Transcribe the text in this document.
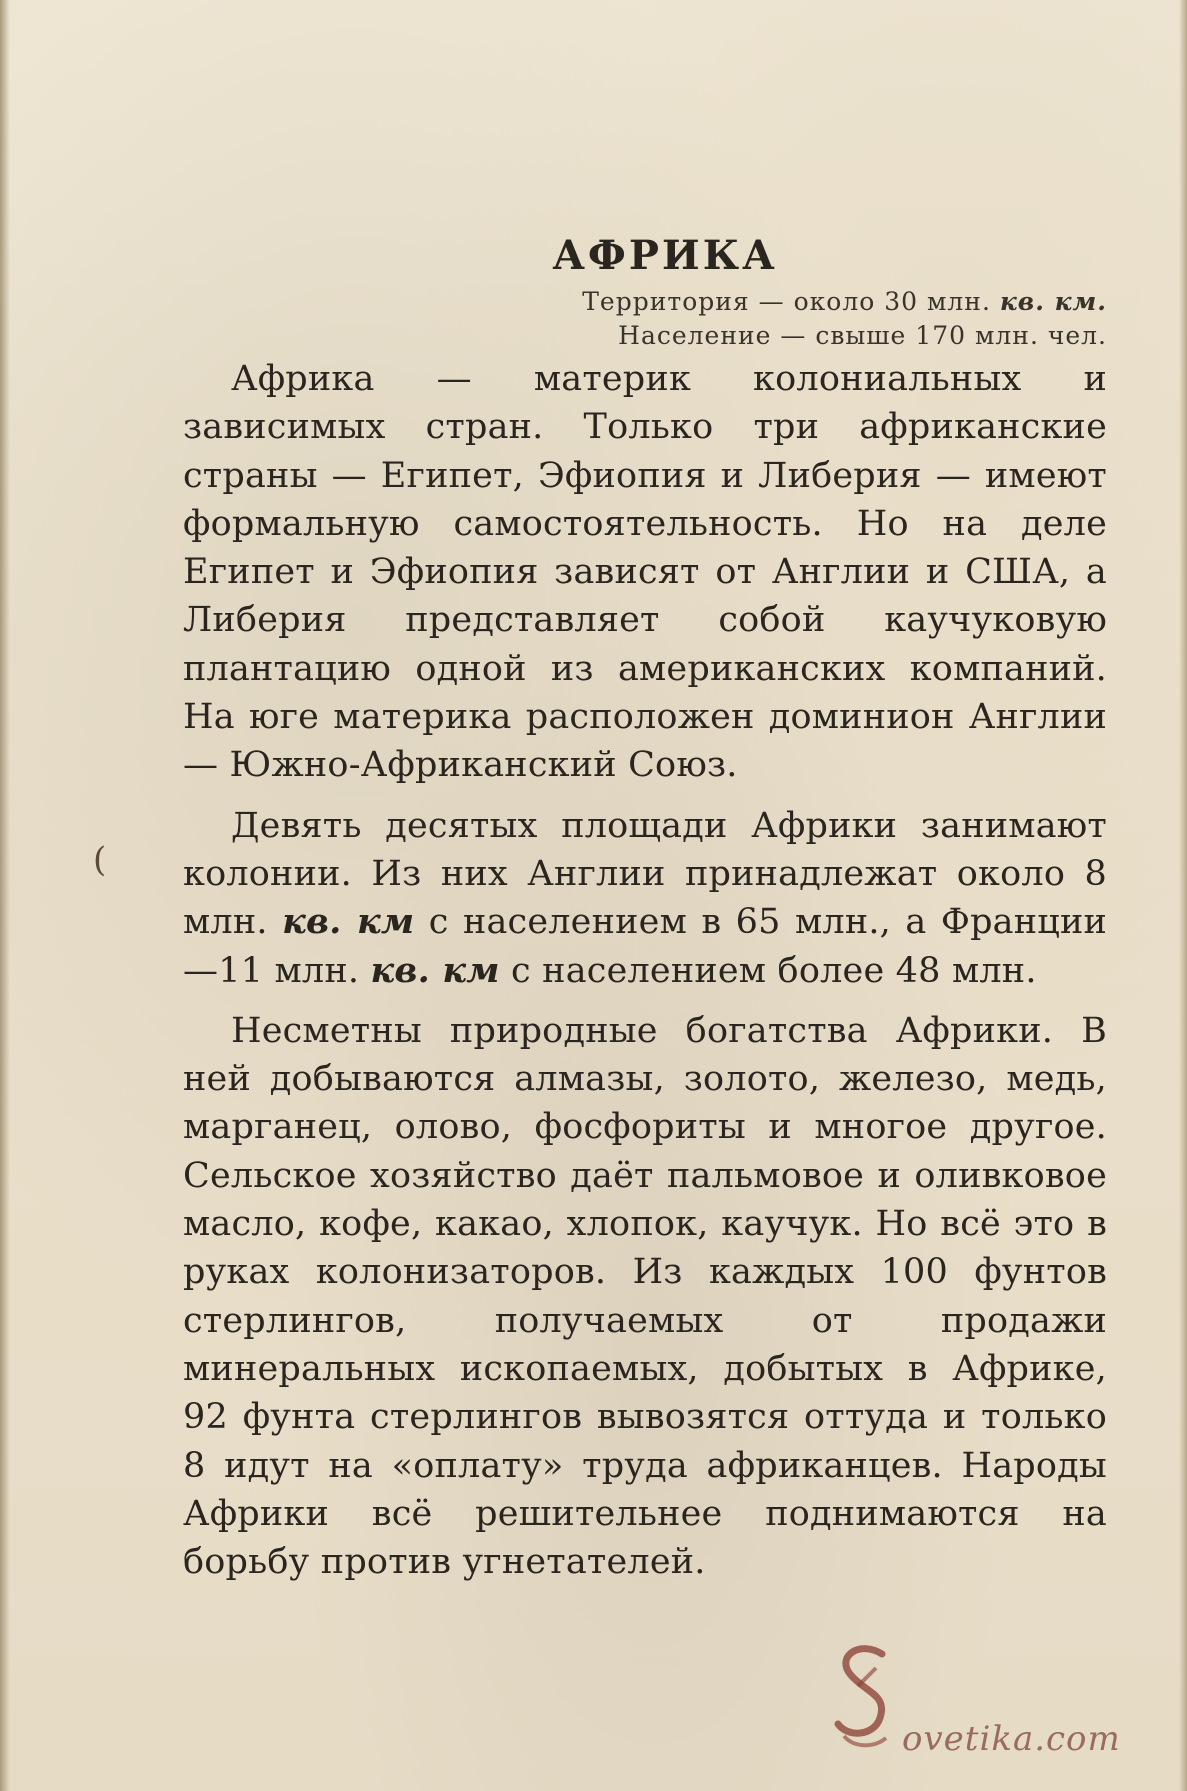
(
АФРИКА
Территория — около 30 млн. кв. км.
Население — свыше 170 млн. чел.

Африка — материк колониальных и зависимых стран. Только три африканские страны — Египет, Эфиопия и Либерия — имеют формальную самостоятельность. Но на деле Египет и Эфиопия зависят от Англии и США, а Либерия представляет собой каучуковую плантацию одной из американских компаний. На юге материка расположен доминион Англии — Южно-Африканский Союз.

Девять десятых площади Африки занимают колонии. Из них Англии принадлежат около 8 млн. кв. км с населением в 65 млн., а Франции —11 млн. кв. км с населением более 48 млн.

Несметны природные богатства Африки. В ней добываются алмазы, золото, железо, медь, марганец, олово, фосфориты и многое другое. Сельское хозяйство даёт пальмовое и оливковое масло, кофе, какао, хлопок, каучук. Но всё это в руках колонизаторов. Из каждых 100 фунтов стерлингов, получаемых от продажи минеральных ископаемых, добытых в Африке, 92 фунта стерлингов вывозятся оттуда и только 8 идут на «оплату» труда африканцев. Народы Африки всё решительнее поднимаются на борьбу против угнетателей.

ovetika.com
